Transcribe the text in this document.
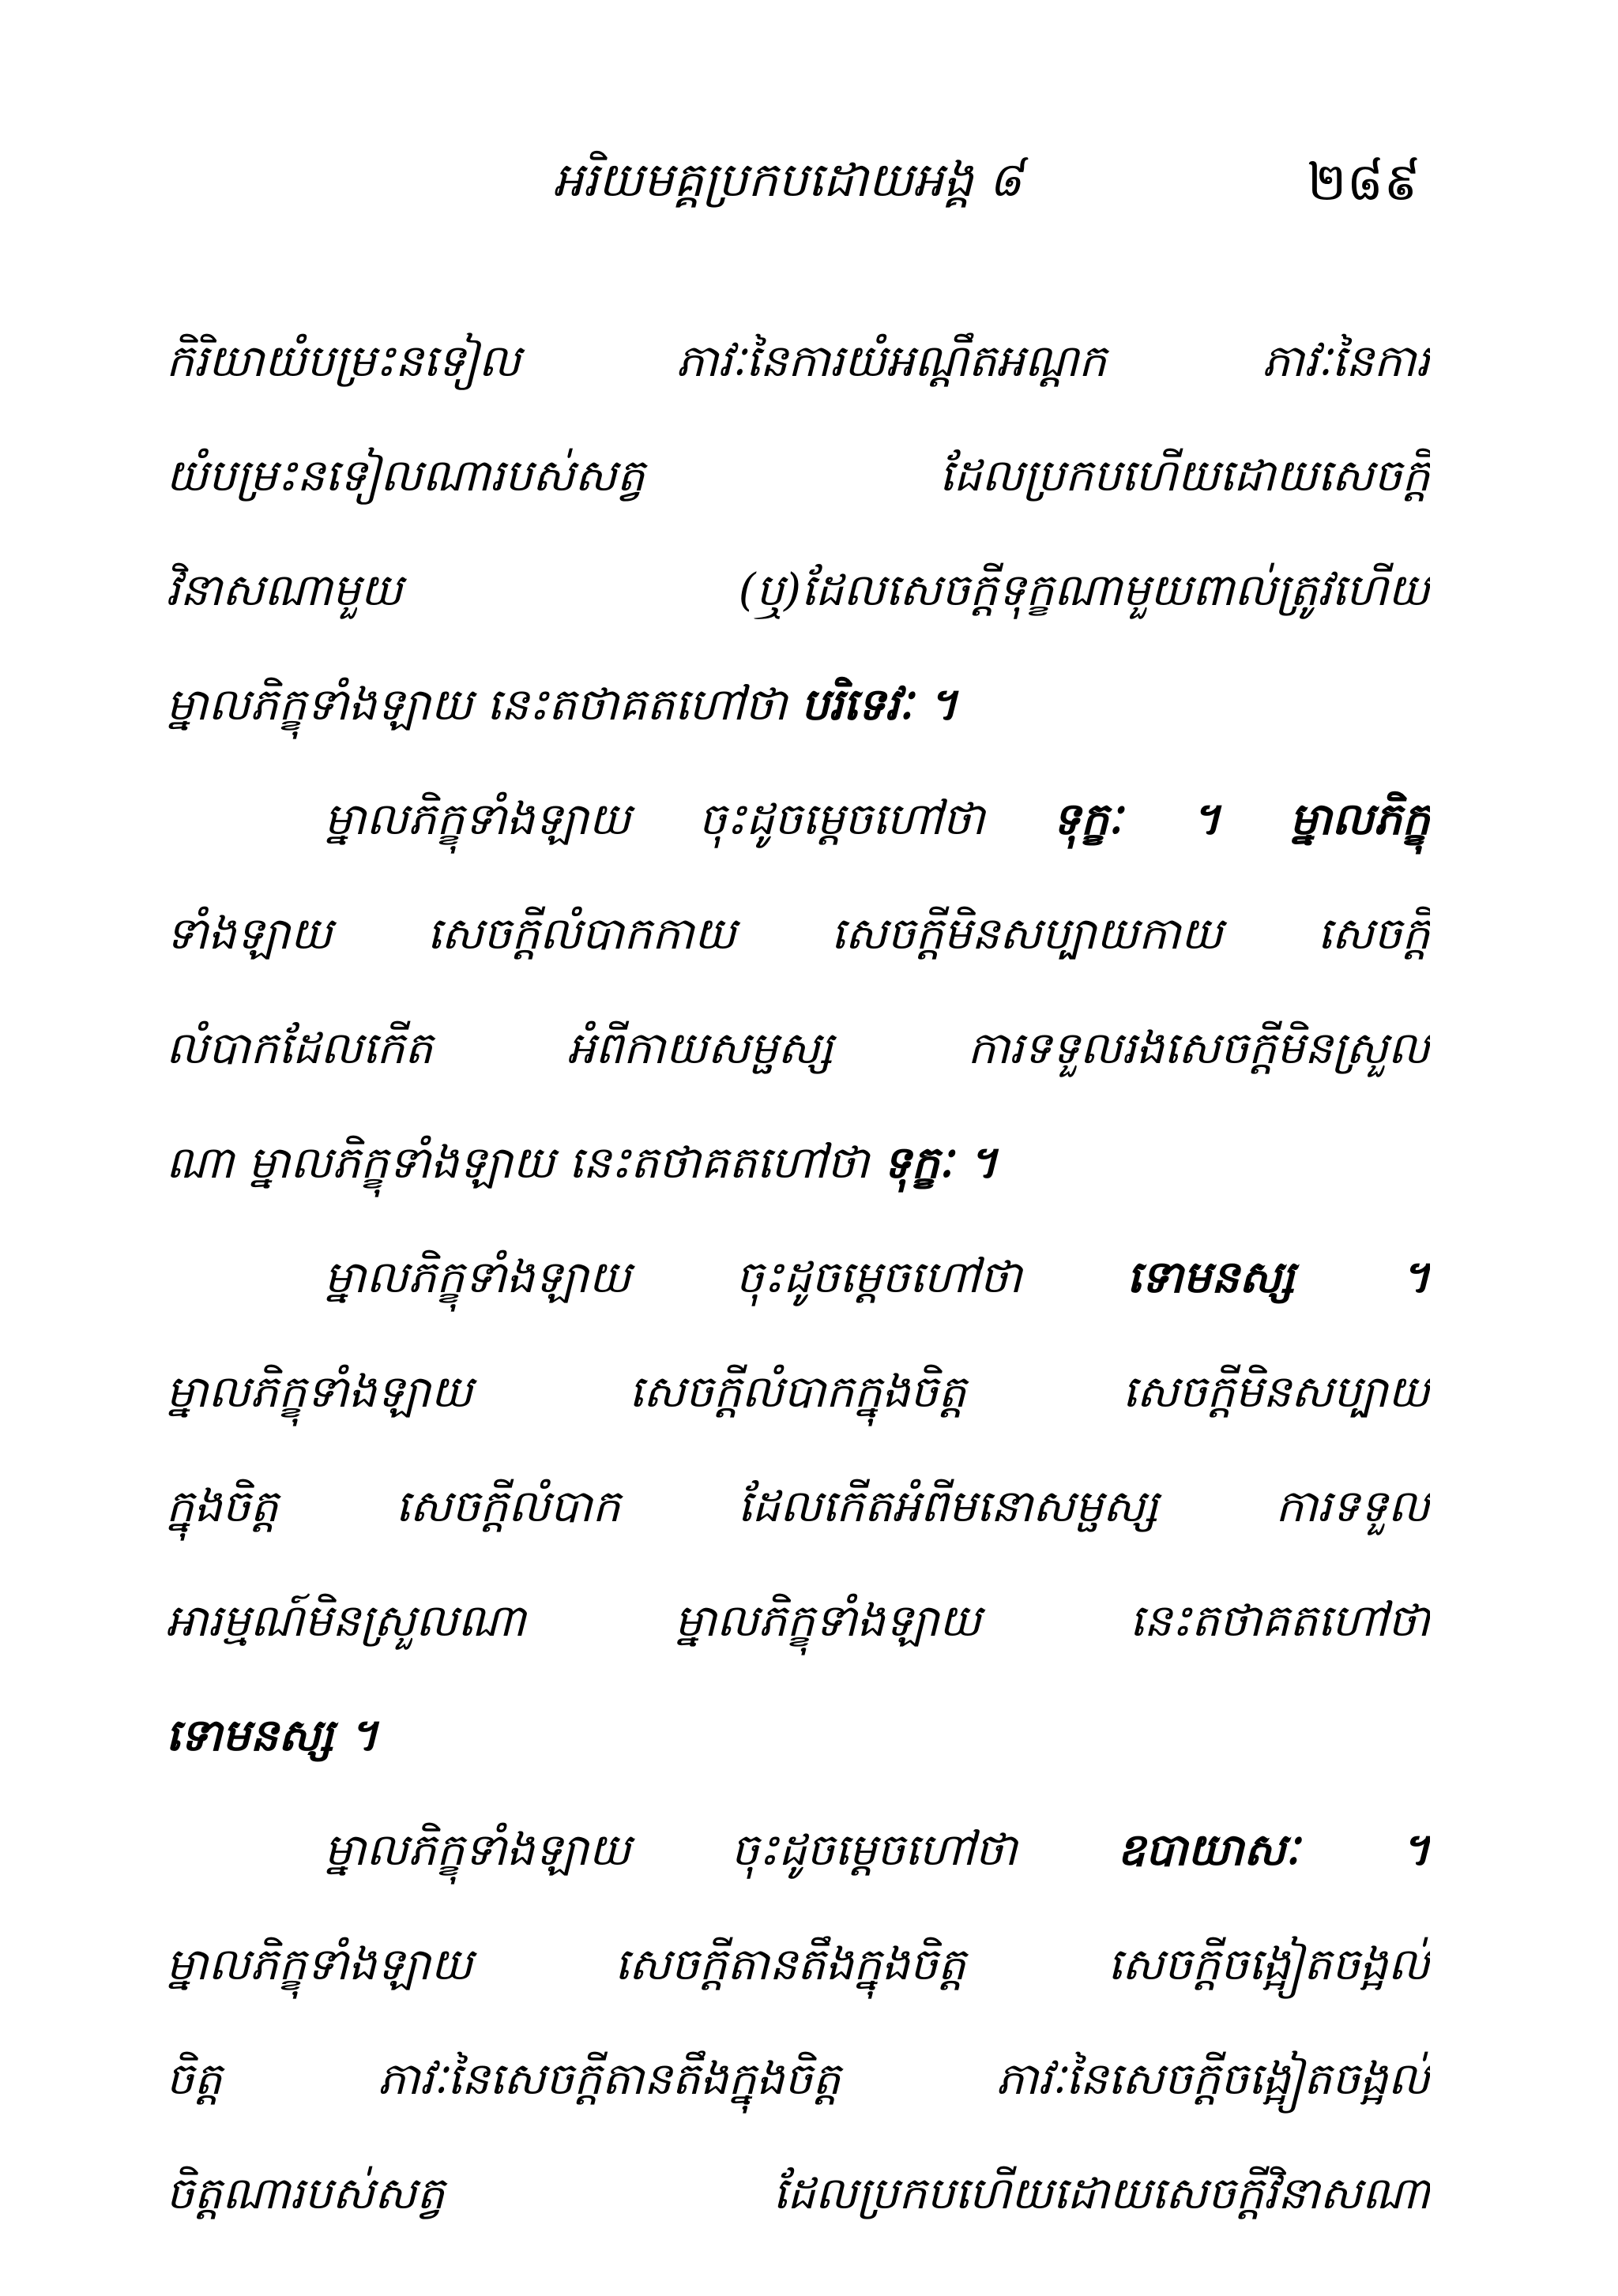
អរិយមគ្គប្រកបដោយអង្គ ៨	២៨៩
កិរិយាយំបម្រះនទៀល ភាវៈនៃការយំអណ្ដឹតអណ្ដក ភាវៈនៃការ
យំបម្រះនទៀលណារបស់សត្វ ដែលប្រកបហើយដោយសេចក្ដី
វិនាសណាមួយ (ឬ)ដែលសេចក្ដីទុក្ខណាមួយពាល់ត្រូវហើយ
ម្នាលភិក្ខុទាំងឡាយ នេះតថាគតហៅថា បរិទេវៈ ។
ម្នាលភិក្ខុទាំងឡាយ ចុះដូចម្ដេចហៅថា ទុក្ខៈ ។ ម្នាលភិក្ខុ
ទាំងឡាយ សេចក្ដីលំបាកកាយ សេចក្ដីមិនសប្បាយកាយ សេចក្ដី
លំបាកដែលកើត អំពីកាយសម្ផស្ស ការទទួលរងសេចក្ដីមិនស្រួល
ណា ម្នាលភិក្ខុទាំងឡាយ នេះតថាគតហៅថា ទុក្ខៈ ។
ម្នាលភិក្ខុទាំងឡាយ ចុះដូចម្ដេចហៅថា ទោមនស្ស ។
ម្នាលភិក្ខុទាំងឡាយ សេចក្ដីលំបាកក្នុងចិត្ត សេចក្ដីមិនសប្បាយ
ក្នុងចិត្ត សេចក្ដីលំបាក ដែលកើតអំពីមនោសម្ផស្ស ការទទួល
អារម្មណ៍មិនស្រួលណា ម្នាលភិក្ខុទាំងឡាយ នេះតថាគតហៅថា
ទោមនស្ស ។
ម្នាលភិក្ខុទាំងឡាយ ចុះដូចម្ដេចហៅថា ឧបាយាសៈ ។
ម្នាលភិក្ខុទាំងឡាយ សេចក្ដីតានតឹងក្នុងចិត្ត សេចក្ដីចង្អៀតចង្អល់
ចិត្ត ភាវៈនៃសេចក្ដីតានតឹងក្នុងចិត្ត ភាវៈនៃសេចក្ដីចង្អៀតចង្អល់
ចិត្តណារបស់សត្វ ដែលប្រកបហើយដោយសេចក្ដីវិនាសណា
